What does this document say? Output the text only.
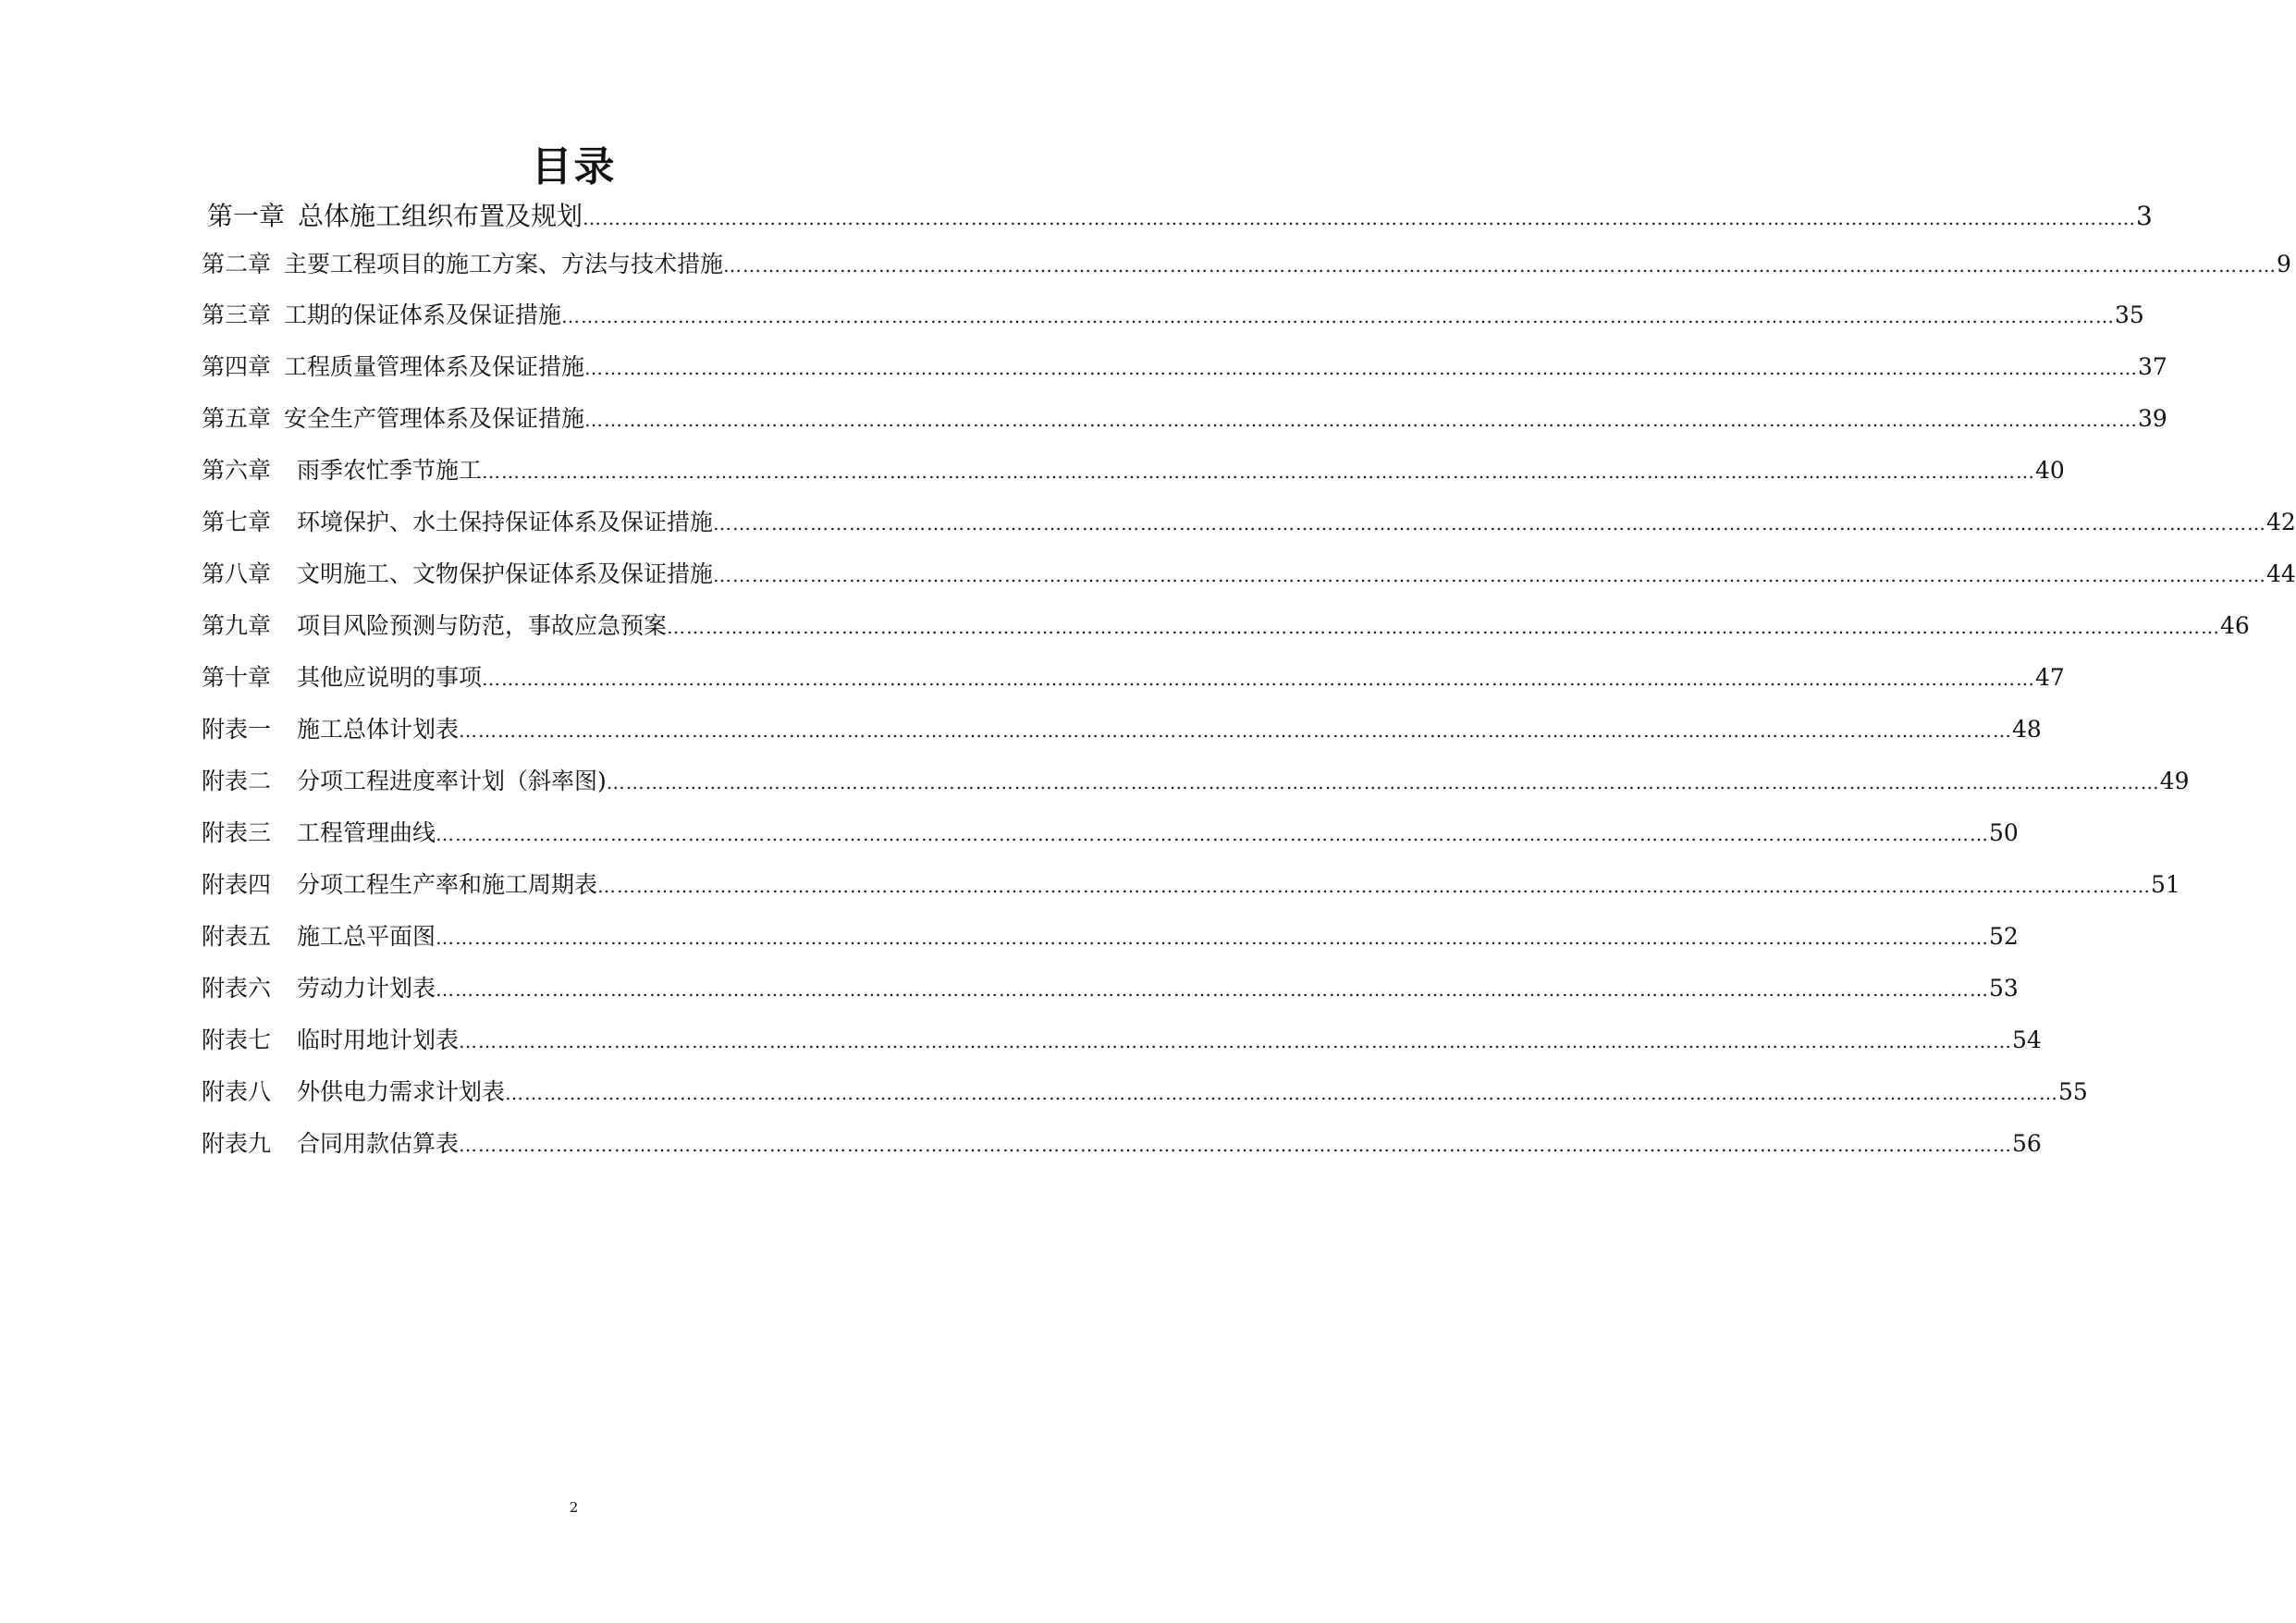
目录
第一章 总体施工组织布置及规划 …………………………………………………………………………………………………………………………………………………………………………………………………………………… 3
第二章 主要工程项目的施工方案、方法与技术措施 …………………………………………………………………………………………………………………………………………………………………………………………………………………… 9
第三章 工期的保证体系及保证措施 …………………………………………………………………………………………………………………………………………………………………………………………………………………… 35
第四章 工程质量管理体系及保证措施 …………………………………………………………………………………………………………………………………………………………………………………………………………………… 37
第五章 安全生产管理体系及保证措施 …………………………………………………………………………………………………………………………………………………………………………………………………………………… 39
第六章 雨季农忙季节施工 …………………………………………………………………………………………………………………………………………………………………………………………………………………… 40
第七章 环境保护、水土保持保证体系及保证措施 …………………………………………………………………………………………………………………………………………………………………………………………………………………… 42
第八章 文明施工、文物保护保证体系及保证措施 …………………………………………………………………………………………………………………………………………………………………………………………………………………… 44
第九章 项目风险预测与防范，事故应急预案 …………………………………………………………………………………………………………………………………………………………………………………………………………………… 46
第十章 其他应说明的事项 …………………………………………………………………………………………………………………………………………………………………………………………………………………… 47
附表一 施工总体计划表 …………………………………………………………………………………………………………………………………………………………………………………………………………………… 48
附表二 分项工程进度率计划（斜率图) …………………………………………………………………………………………………………………………………………………………………………………………………………………… 49
附表三 工程管理曲线 …………………………………………………………………………………………………………………………………………………………………………………………………………………… 50
附表四 分项工程生产率和施工周期表 …………………………………………………………………………………………………………………………………………………………………………………………………………………… 51
附表五 施工总平面图 …………………………………………………………………………………………………………………………………………………………………………………………………………………… 52
附表六 劳动力计划表 …………………………………………………………………………………………………………………………………………………………………………………………………………………… 53
附表七 临时用地计划表 …………………………………………………………………………………………………………………………………………………………………………………………………………………… 54
附表八 外供电力需求计划表 …………………………………………………………………………………………………………………………………………………………………………………………………………………… 55
附表九 合同用款估算表 …………………………………………………………………………………………………………………………………………………………………………………………………………………… 56
2
